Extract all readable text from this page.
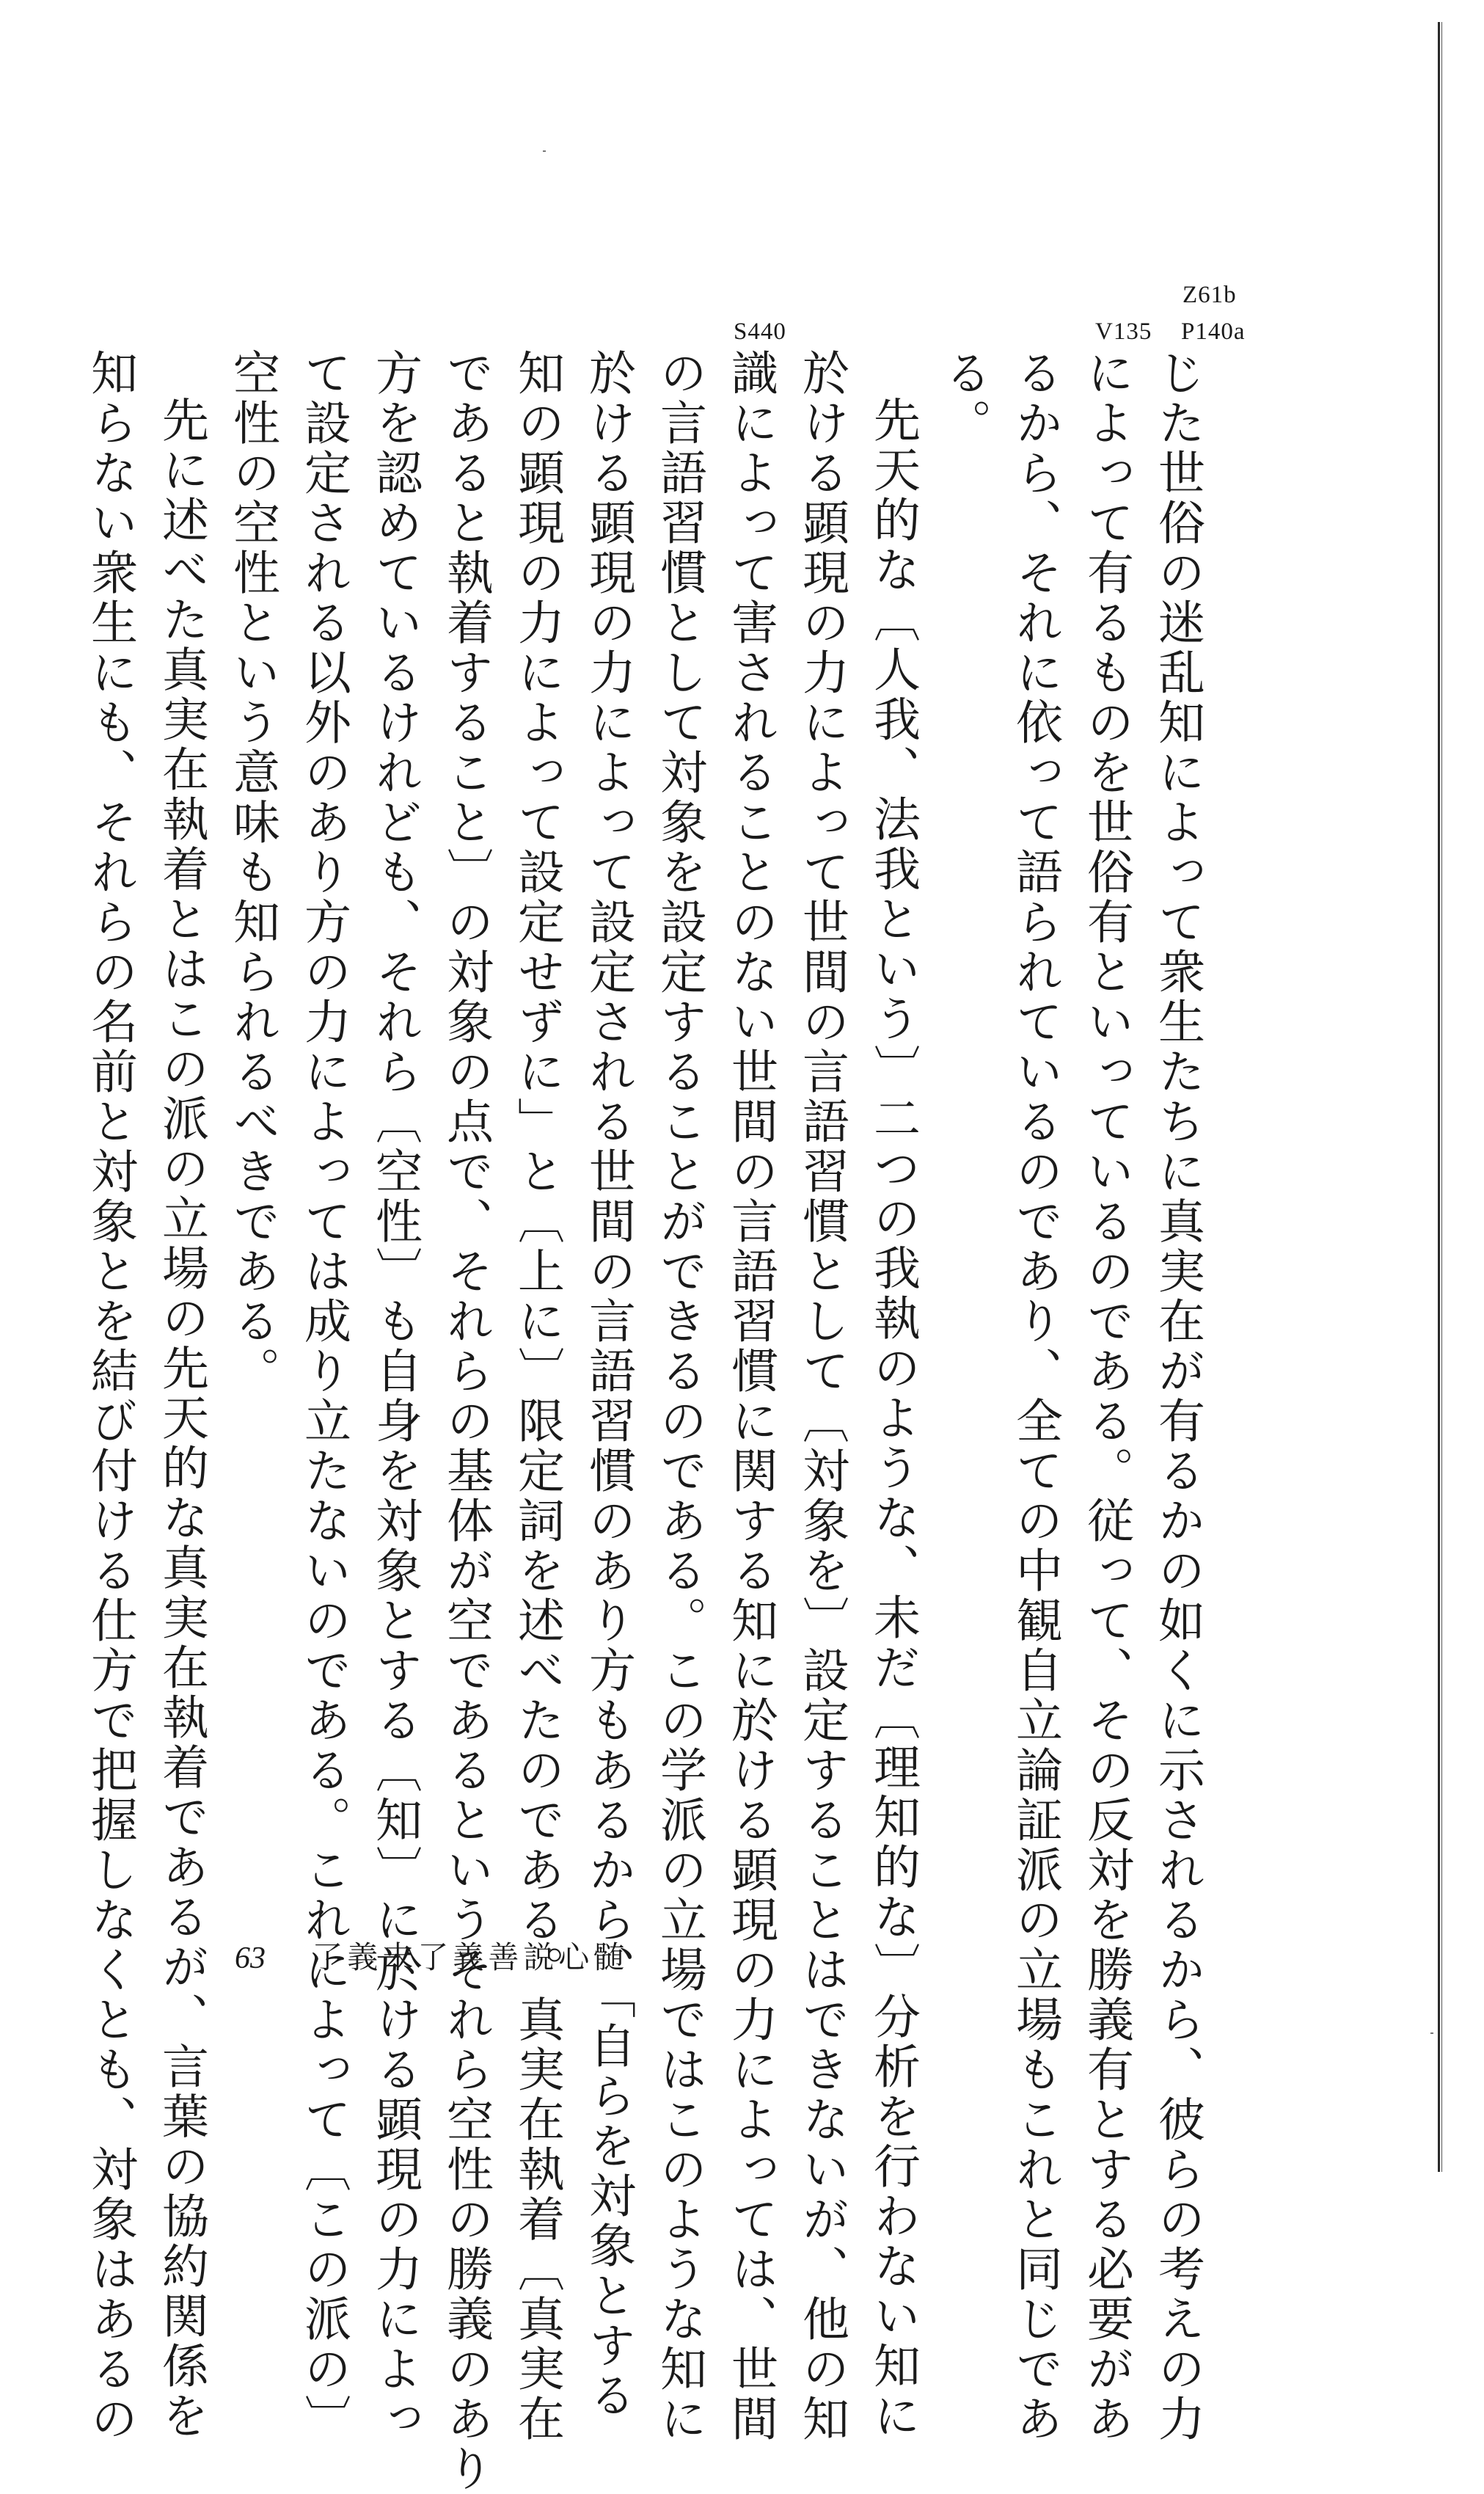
Z61b
V135 P140a
S440
じた世俗の迷乱知によって衆生たちに真実在が有るかの如くに示されるから、彼らの考えの力
によって有るものを世俗有といっているのである。従って、その反対を勝義有とする必要があ
るから、それに依って語られているのであり、全ての中観自立論証派の立場もこれと同じであ
る。
先天的な〔人我、法我という〕二つの我執のような、未だ〔理知的な〕分析を行わない知に
於ける顕現の力によって世間の言語習慣として〔対象を〕設定することはできないが、他の知
識によって害されることのない世間の言語習慣に関する知に於ける顕現の力によっては、世間
の言語習慣として対象を設定することができるのである。この学派の立場ではこのような知に
於ける顕現の力によって設定される世間の言語習慣のあり方もあるから、「自らを対象とする
知の顕現の力によって設定せずに」と〔上に〕限定詞を述べたのである。真実在執着〔真実在
であると執着すること〕の対象の点で、それらの基体が空であるというそれら空性の勝義のあり
方を認めているけれども、それら〔空性〕も自身を対象とする〔知〕に於ける顕現の力によっ
て設定される以外のあり方の力によっては成り立たないのである。これによって〔この派の〕
空性の空性という意味も知られるべきである。
先に述べた真実在執着とはこの派の立場の先天的な真実在執着であるが、言葉の協約関係を
知らない衆生にも、それらの名前と対象とを結び付ける仕方で把握しなくとも、対象はあるの	63 了義未了義善説心髄
